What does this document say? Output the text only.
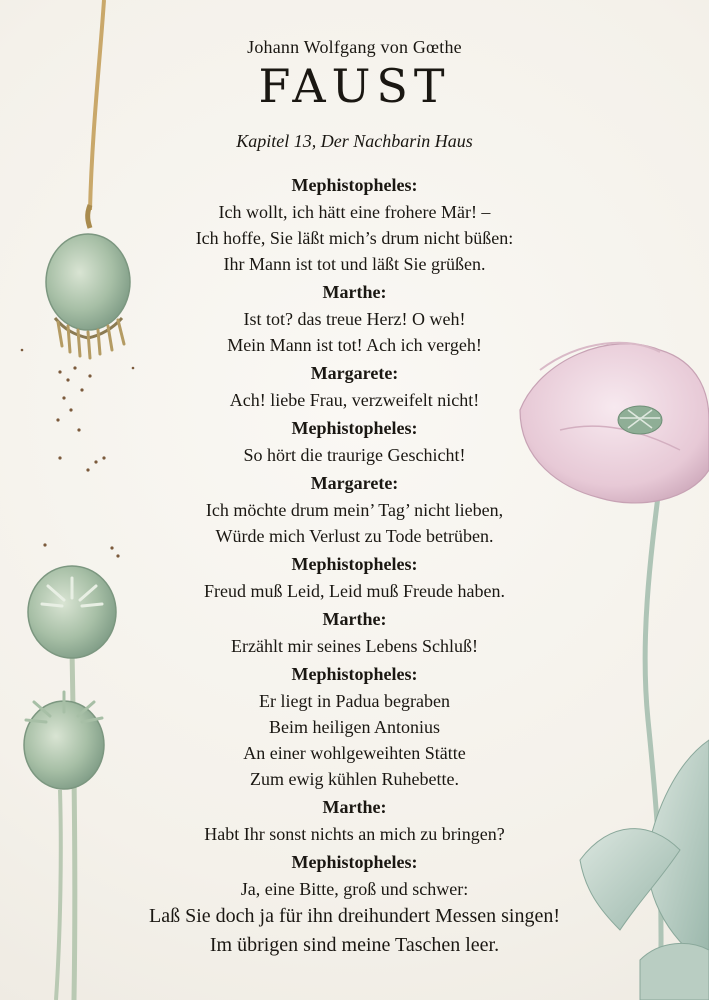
Johann Wolfgang von Gœthe
FAUST
Kapitel 13, Der Nachbarin Haus
Mephistopheles:
Ich wollt, ich hätt eine frohere Mär! –
Ich hoffe, Sie läßt mich’s drum nicht büßen:
Ihr Mann ist tot und läßt Sie grüßen.
Marthe:
Ist tot? das treue Herz! O weh!
Mein Mann ist tot! Ach ich vergeh!
Margarete:
Ach! liebe Frau, verzweifelt nicht!
Mephistopheles:
So hört die traurige Geschicht!
Margarete:
Ich möchte drum mein’ Tag’ nicht lieben,
Würde mich Verlust zu Tode betrüben.
Mephistopheles:
Freud muß Leid, Leid muß Freude haben.
Marthe:
Erzählt mir seines Lebens Schluß!
Mephistopheles:
Er liegt in Padua begraben
Beim heiligen Antonius
An einer wohlgeweihten Stätte
Zum ewig kühlen Ruhebette.
Marthe:
Habt Ihr sonst nichts an mich zu bringen?
Mephistopheles:
Ja, eine Bitte, groß und schwer:
Laß Sie doch ja für ihn dreihundert Messen singen!
Im übrigen sind meine Taschen leer.
